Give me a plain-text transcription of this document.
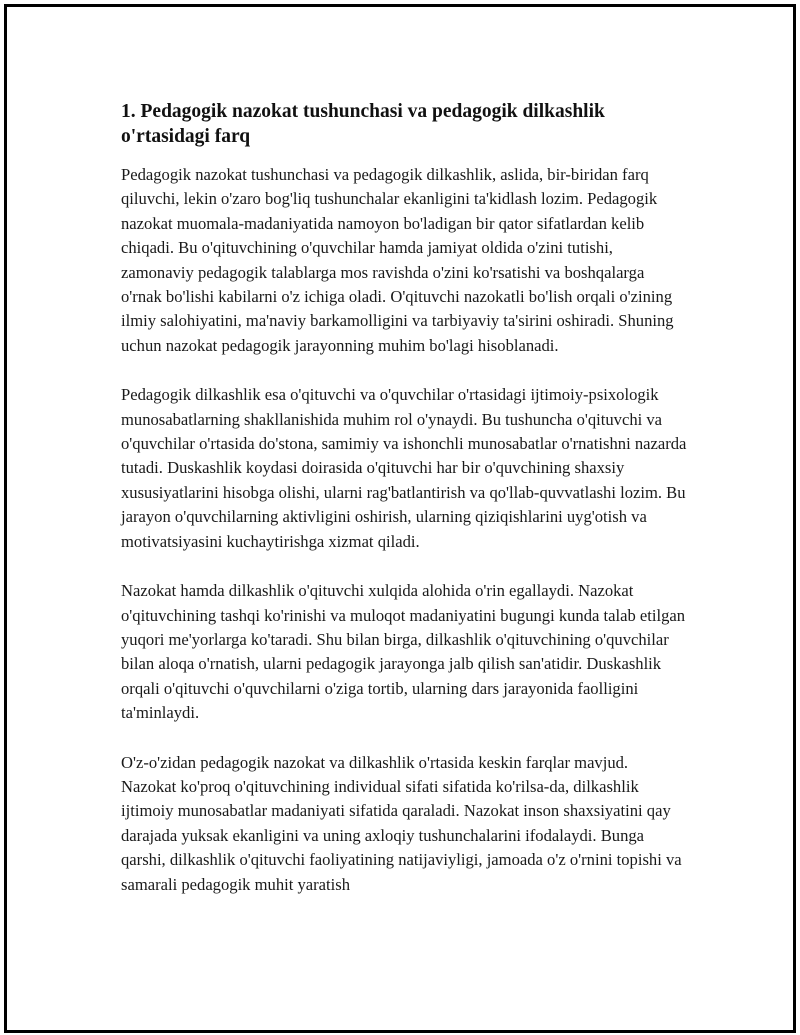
1. Pedagogik nazokat tushunchasi va pedagogik dilkashlik o'rtasidagi farq

Pedagogik nazokat tushunchasi va pedagogik dilkashlik, aslida, bir-biridan farq qiluvchi, lekin o'zaro bog'liq tushunchalar ekanligini ta'kidlash lozim. Pedagogik nazokat muomala-madaniyatida namoyon bo'ladigan bir qator sifatlardan kelib chiqadi. Bu o'qituvchining o'quvchilar hamda jamiyat oldida o'zini tutishi, zamonaviy pedagogik talablarga mos ravishda o'zini ko'rsatishi va boshqalarga o'rnak bo'lishi kabilarni o'z ichiga oladi. O'qituvchi nazokatli bo'lish orqali o'zining ilmiy salohiyatini, ma'naviy barkamolligini va tarbiyaviy ta'sirini oshiradi. Shuning uchun nazokat pedagogik jarayonning muhim bo'lagi hisoblanadi.

Pedagogik dilkashlik esa o'qituvchi va o'quvchilar o'rtasidagi ijtimoiy-psixologik munosabatlarning shakllanishida muhim rol o'ynaydi. Bu tushuncha o'qituvchi va o'quvchilar o'rtasida do'stona, samimiy va ishonchli munosabatlar o'rnatishni nazarda tutadi. Duskashlik koydasi doirasida o'qituvchi har bir o'quvchining shaxsiy xususiyatlarini hisobga olishi, ularni rag'batlantirish va qo'llab-quvvatlashi lozim. Bu jarayon o'quvchilarning aktivligini oshirish, ularning qiziqishlarini uyg'otish va motivatsiyasini kuchaytirishga xizmat qiladi.

Nazokat hamda dilkashlik o'qituvchi xulqida alohida o'rin egallaydi. Nazokat o'qituvchining tashqi ko'rinishi va muloqot madaniyatini bugungi kunda talab etilgan yuqori me'yorlarga ko'taradi. Shu bilan birga, dilkashlik o'qituvchining o'quvchilar bilan aloqa o'rnatish, ularni pedagogik jarayonga jalb qilish san'atidir. Duskashlik orqali o'qituvchi o'quvchilarni o'ziga tortib, ularning dars jarayonida faolligini ta'minlaydi.

O'z-o'zidan pedagogik nazokat va dilkashlik o'rtasida keskin farqlar mavjud. Nazokat ko'proq o'qituvchining individual sifati sifatida ko'rilsa-da, dilkashlik ijtimoiy munosabatlar madaniyati sifatida qaraladi. Nazokat inson shaxsiyatini qay darajada yuksak ekanligini va uning axloqiy tushunchalarini ifodalaydi. Bunga qarshi, dilkashlik o'qituvchi faoliyatining natijaviyligi, jamoada o'z o'rnini topishi va samarali pedagogik muhit yaratish
